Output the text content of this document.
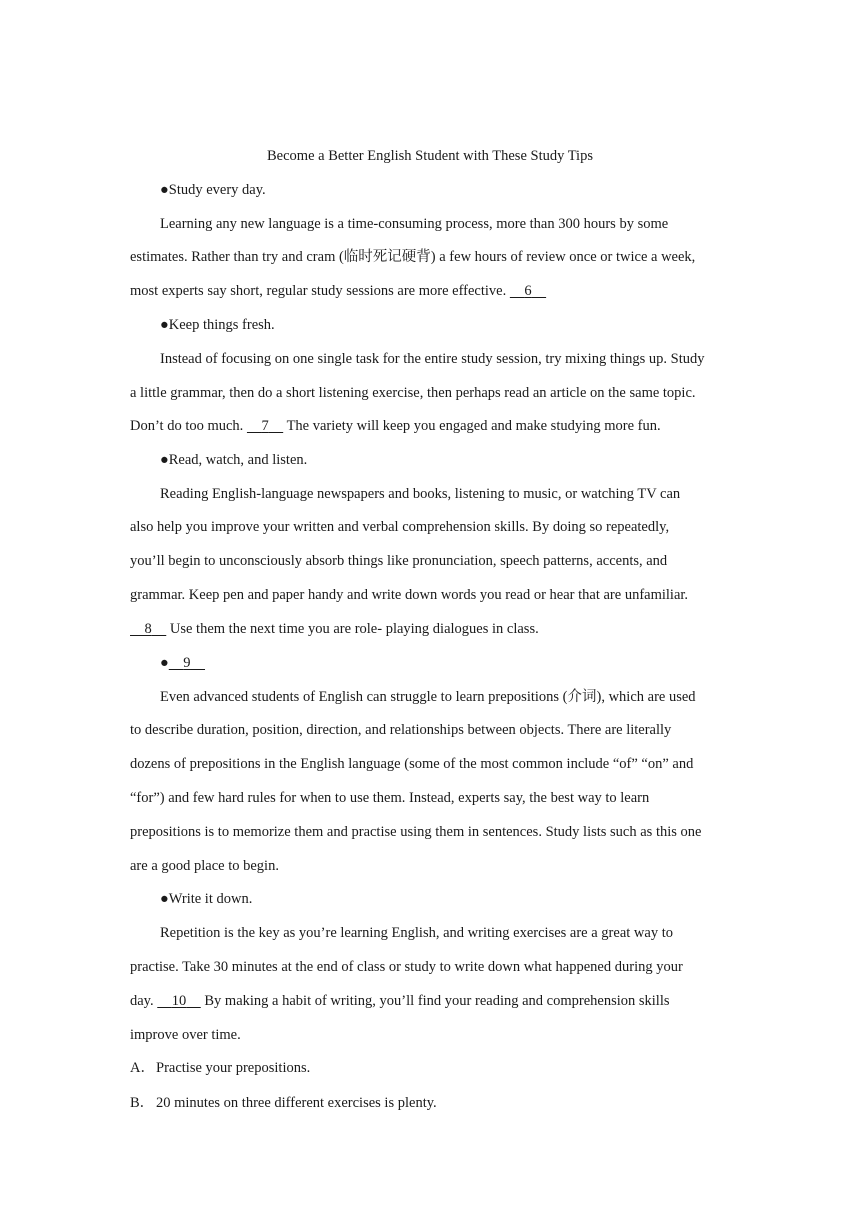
Become a Better English Student with These Study Tips
●Study every day.
Learning any new language is a time-consuming process, more than 300 hours by some
estimates. Rather than try and cram (临时死记硬背) a few hours of review once or twice a week,
most experts say short, regular study sessions are more effective. 6
●Keep things fresh.
Instead of focusing on one single task for the entire study session, try mixing things up. Study
a little grammar, then do a short listening exercise, then perhaps read an article on the same topic.
Don’t do too much. 7 The variety will keep you engaged and make studying more fun.
●Read, watch, and listen.
Reading English-language newspapers and books, listening to music, or watching TV can
also help you improve your written and verbal comprehension skills. By doing so repeatedly,
you’ll begin to unconsciously absorb things like pronunciation, speech patterns, accents, and
grammar. Keep pen and paper handy and write down words you read or hear that are unfamiliar.
8 Use them the next time you are role- playing dialogues in class.
● 9
Even advanced students of English can struggle to learn prepositions (介词), which are used
to describe duration, position, direction, and relationships between objects. There are literally
dozens of prepositions in the English language (some of the most common include “of” “on” and
“for”) and few hard rules for when to use them. Instead, experts say, the best way to learn
prepositions is to memorize them and practise using them in sentences. Study lists such as this one
are a good place to begin.
●Write it down.
Repetition is the key as you’re learning English, and writing exercises are a great way to
practise. Take 30 minutes at the end of class or study to write down what happened during your
day. 10 By making a habit of writing, you’ll find your reading and comprehension skills
improve over time.
A．Practise your prepositions.
B． 20 minutes on three different exercises is plenty.
